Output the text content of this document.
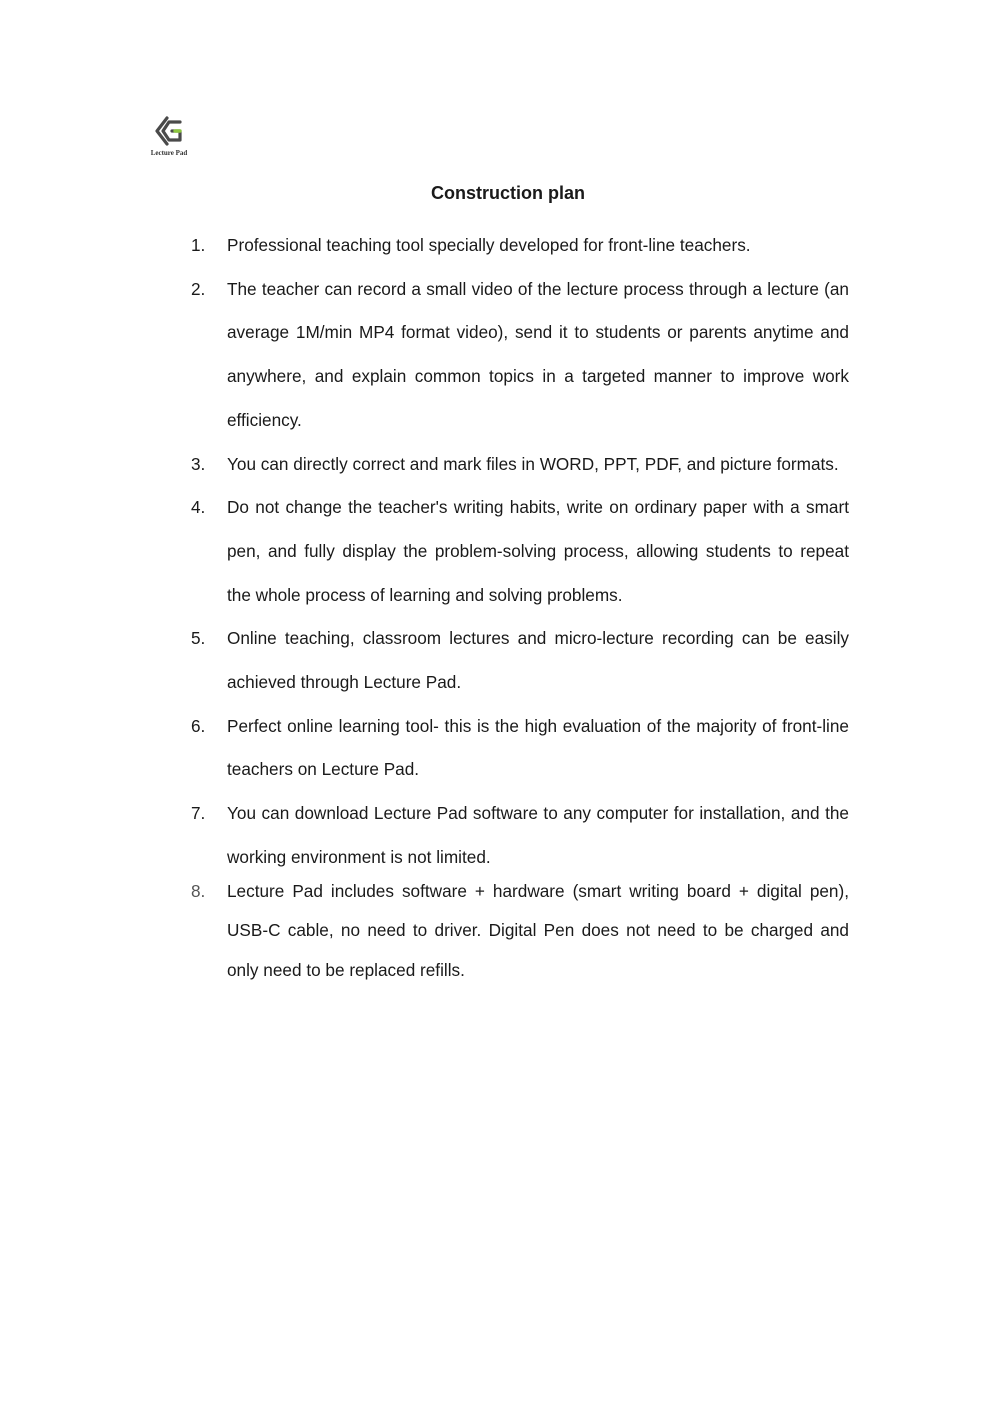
Lecture Pad
Construction plan
1. Professional teaching tool specially developed for front-line teachers.
2. The teacher can record a small video of the lecture process through a lecture (an average 1M/min MP4 format video), send it to students or parents anytime and anywhere, and explain common topics in a targeted manner to improve work efficiency.
3. You can directly correct and mark files in WORD, PPT, PDF, and picture formats.
4. Do not change the teacher's writing habits, write on ordinary paper with a smart pen, and fully display the problem-solving process, allowing students to repeat the whole process of learning and solving problems.
5. Online teaching, classroom lectures and micro-lecture recording can be easily achieved through Lecture Pad.
6. Perfect online learning tool- this is the high evaluation of the majority of front-line teachers on Lecture Pad.
7. You can download Lecture Pad software to any computer for installation, and the working environment is not limited.
8. Lecture Pad includes software + hardware (smart writing board + digital pen), USB-C cable, no need to driver. Digital Pen does not need to be charged and only need to be replaced refills.
